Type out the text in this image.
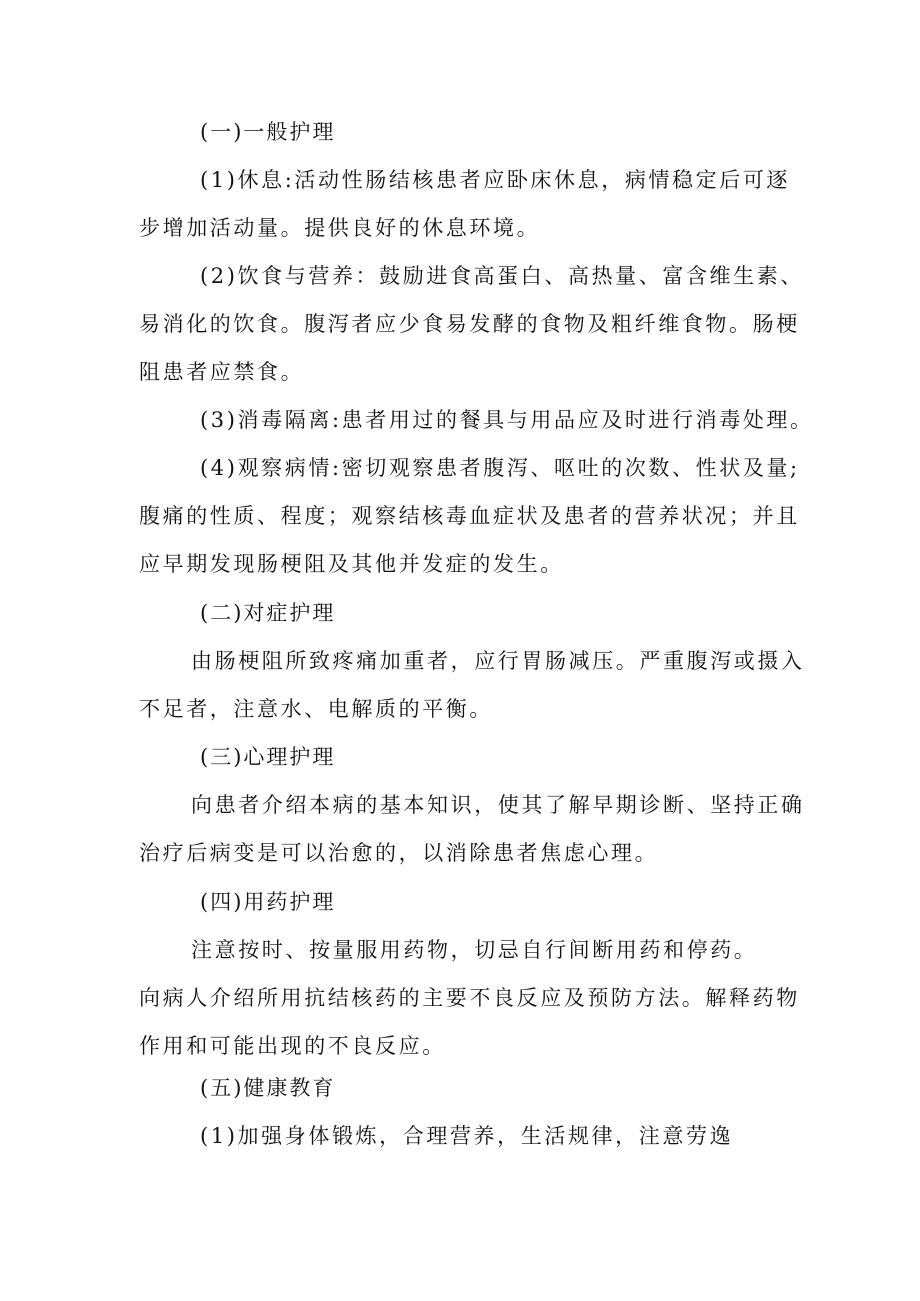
(一)一般护理
(1)休息:活动性肠结核患者应卧床休息，病情稳定后可逐
步增加活动量。提供良好的休息环境。
(2)饮食与营养：鼓励进食高蛋白、高热量、富含维生素、
易消化的饮食。腹泻者应少食易发酵的食物及粗纤维食物。肠梗
阻患者应禁食。
(3)消毒隔离:患者用过的餐具与用品应及时进行消毒处理。
(4)观察病情:密切观察患者腹泻、呕吐的次数、性状及量;
腹痛的性质、程度；观察结核毒血症状及患者的营养状况；并且
应早期发现肠梗阻及其他并发症的发生。
(二)对症护理
由肠梗阻所致疼痛加重者，应行胃肠减压。严重腹泻或摄入
不足者，注意水、电解质的平衡。
(三)心理护理
向患者介绍本病的基本知识，使其了解早期诊断、坚持正确
治疗后病变是可以治愈的，以消除患者焦虑心理。
(四)用药护理
注意按时、按量服用药物，切忌自行间断用药和停药。
向病人介绍所用抗结核药的主要不良反应及预防方法。解释药物
作用和可能出现的不良反应。
(五)健康教育
(1)加强身体锻炼，合理营养，生活规律，注意劳逸
